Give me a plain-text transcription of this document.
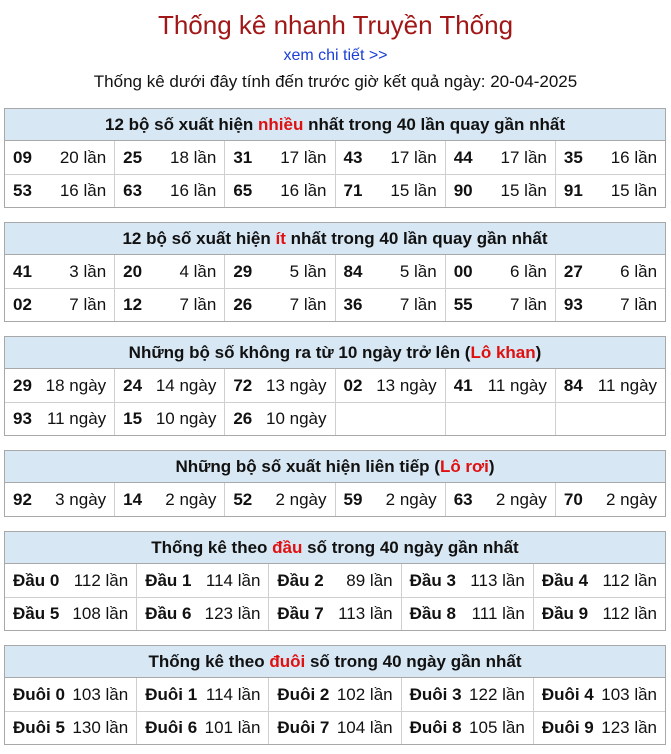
Thống kê nhanh Truyền Thống
xem chi tiết >>
Thống kê dưới đây tính đến trước giờ kết quả ngày: 20-04-2025
12 bộ số xuất hiện nhiều nhất trong 40 lần quay gần nhất
09 20 lần 25 18 lần 31 17 lần 43 17 lần 44 17 lần 35 16 lần
53 16 lần 63 16 lần 65 16 lần 71 15 lần 90 15 lần 91 15 lần
12 bộ số xuất hiện ít nhất trong 40 lần quay gần nhất
41 3 lần 20 4 lần 29 5 lần 84 5 lần 00 6 lần 27 6 lần
02 7 lần 12 7 lần 26 7 lần 36 7 lần 55 7 lần 93 7 lần
Những bộ số không ra từ 10 ngày trở lên (Lô khan)
29 18 ngày 24 14 ngày 72 13 ngày 02 13 ngày 41 11 ngày 84 11 ngày
93 11 ngày 15 10 ngày 26 10 ngày
Những bộ số xuất hiện liên tiếp (Lô rơi)
92 3 ngày 14 2 ngày 52 2 ngày 59 2 ngày 63 2 ngày 70 2 ngày
Thống kê theo đầu số trong 40 ngày gần nhất
Đầu 0 112 lần Đầu 1 114 lần Đầu 2 89 lần Đầu 3 113 lần Đầu 4 112 lần
Đầu 5 108 lần Đầu 6 123 lần Đầu 7 113 lần Đầu 8 111 lần Đầu 9 112 lần
Thống kê theo đuôi số trong 40 ngày gần nhất
Đuôi 0 103 lần Đuôi 1 114 lần Đuôi 2 102 lần Đuôi 3 122 lần Đuôi 4 103 lần
Đuôi 5 130 lần Đuôi 6 101 lần Đuôi 7 104 lần Đuôi 8 105 lần Đuôi 9 123 lần
